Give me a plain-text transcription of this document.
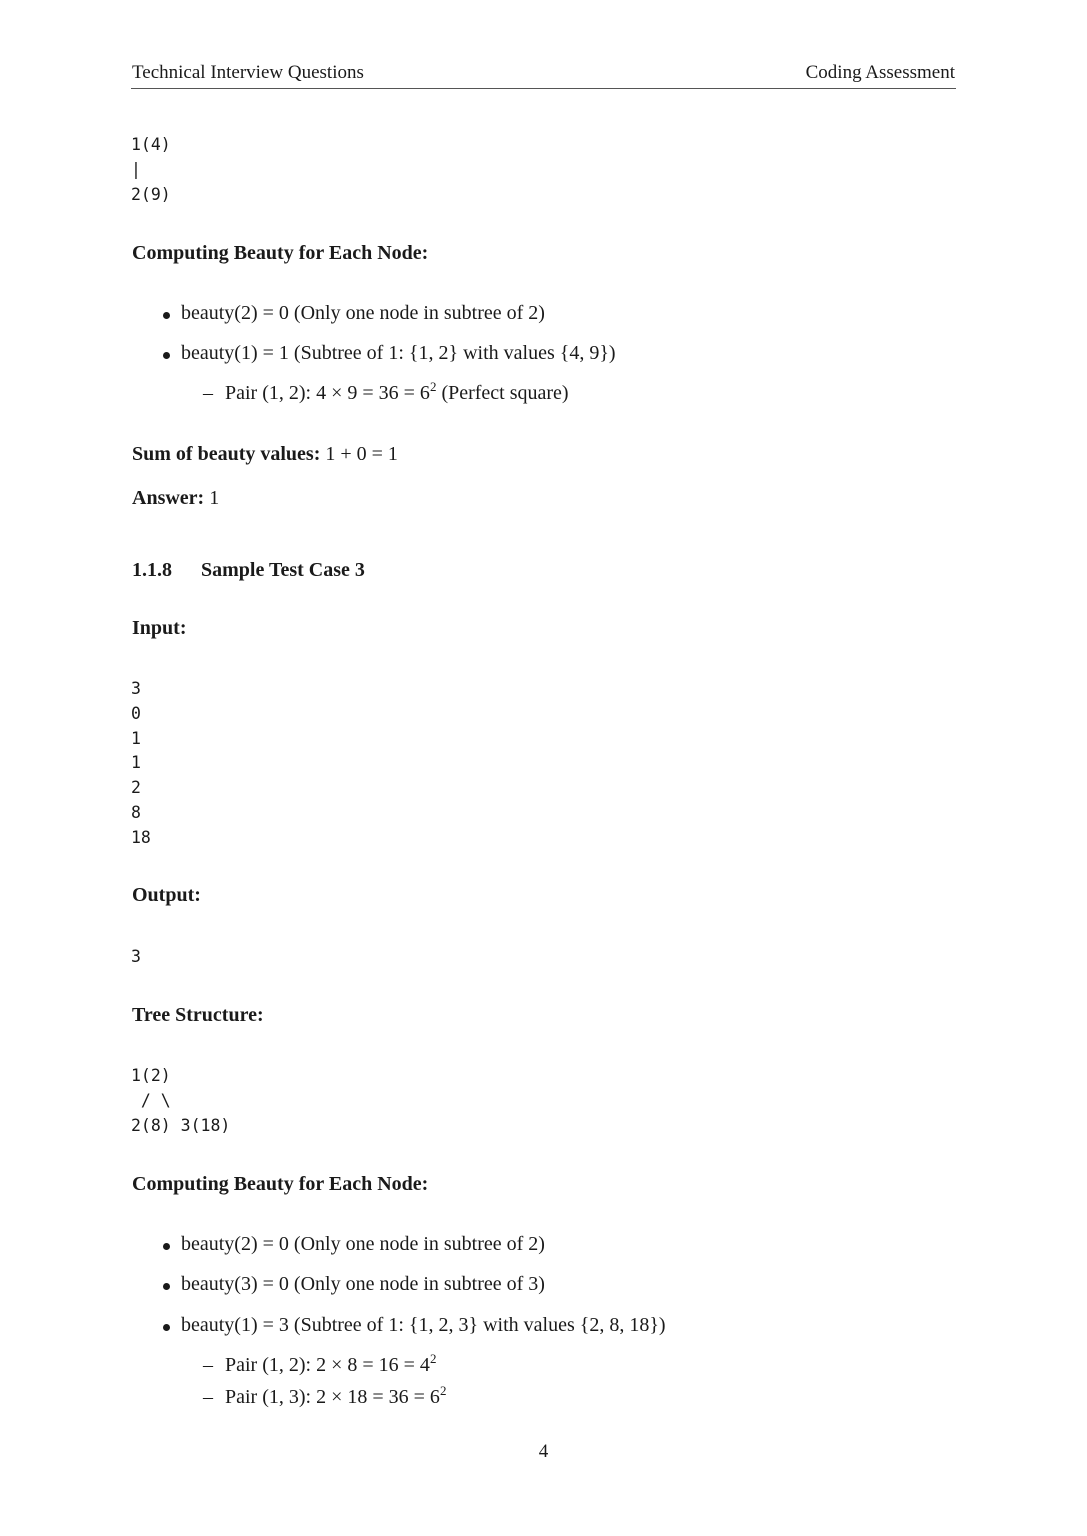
Technical Interview Questions	Coding Assessment
1(4)
|
2(9)
Computing Beauty for Each Node:
beauty(2) = 0 (Only one node in subtree of 2)
beauty(1) = 1 (Subtree of 1: {1, 2} with values {4, 9})
– Pair (1, 2): $4 \times 9 = 36 = 6^2$ (Perfect square)
Sum of beauty values: 1 + 0 = 1
Answer: 1
1.1.8 Sample Test Case 3
Input:
3
0
1
1
2
8
18
Output:
3
Tree Structure:
1(2)
/ \
2(8) 3(18)
Computing Beauty for Each Node:
beauty(2) = 0 (Only one node in subtree of 2)
beauty(3) = 0 (Only one node in subtree of 3)
beauty(1) = 3 (Subtree of 1: {1, 2, 3} with values {2, 8, 18})
– Pair (1, 2): $2 \times 8 = 16 = 4^2$
– Pair (1, 3): $2 \times 18 = 36 = 6^2$
4
